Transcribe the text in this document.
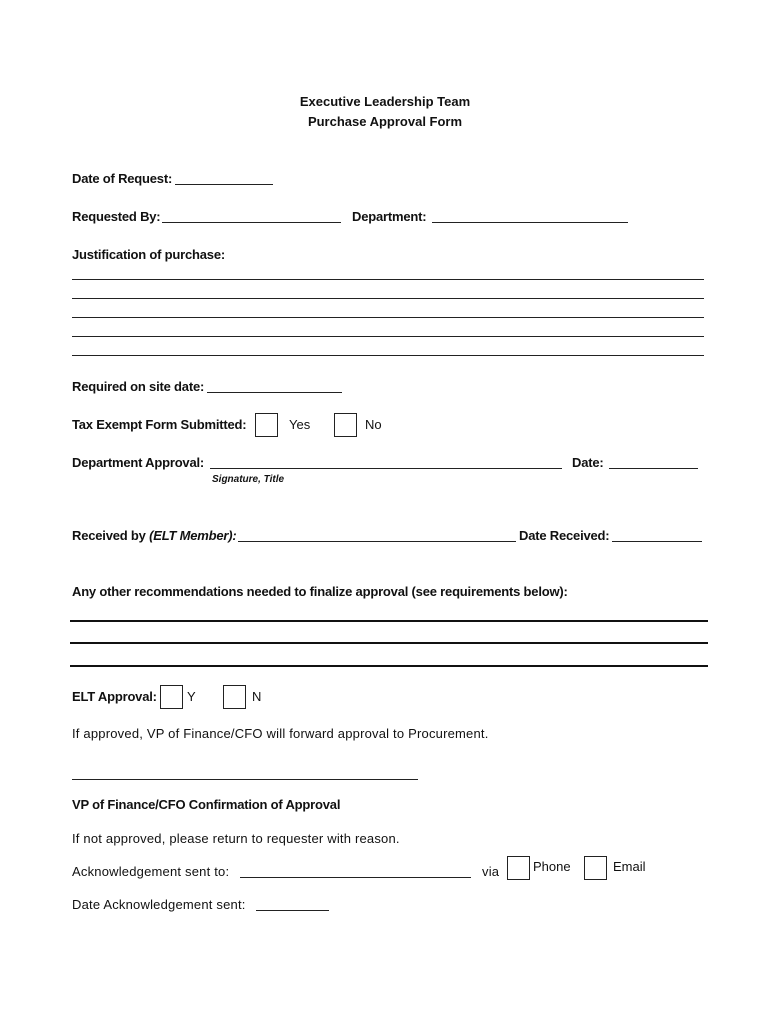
Executive Leadership Team
Purchase Approval Form
Date of Request:
Requested By:	Department:
Justification of purchase:
Required on site date:
Tax Exempt Form Submitted:	Yes	No
Department Approval:	Date:
Signature, Title
Received by (ELT Member):	Date Received:
Any other recommendations needed to finalize approval (see requirements below):
ELT Approval: Y	N
If approved, VP of Finance/CFO will forward approval to Procurement.
VP of Finance/CFO Confirmation of Approval
If not approved, please return to requester with reason.
Acknowledgement sent to:	via	Phone	Email
Date Acknowledgement sent:
